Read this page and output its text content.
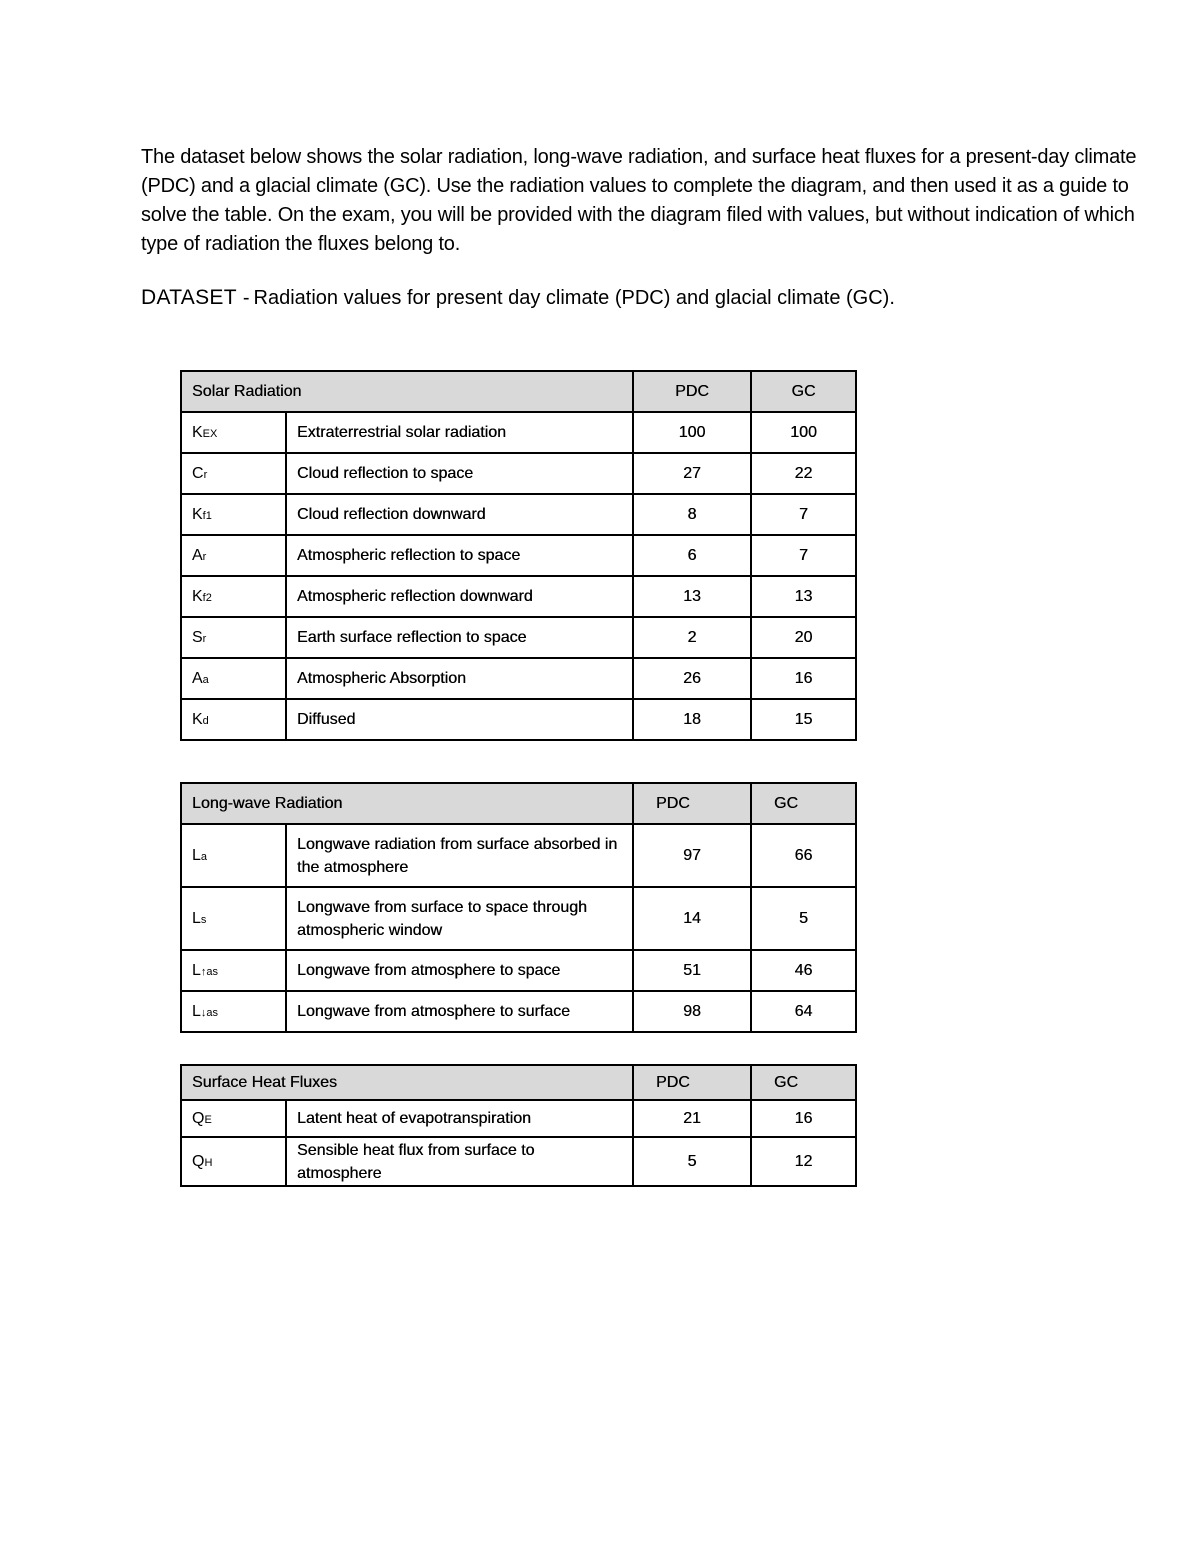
The dataset below shows the solar radiation, long-wave radiation, and surface heat fluxes for a present-day climate (PDC) and a glacial climate (GC). Use the radiation values to complete the diagram, and then used it as a guide to solve the table. On the exam, you will be provided with the diagram filed with values, but without indication of which type of radiation the fluxes belong to.
DATASET - Radiation values for present day climate (PDC) and glacial climate (GC).
Solar Radiation		PDC	GC
KEX	Extraterrestrial solar radiation	100	100
Cr	Cloud reflection to space	27	22
Kf1	Cloud reflection downward	8	7
Ar	Atmospheric reflection to space	6	7
Kf2	Atmospheric reflection downward	13	13
Sr	Earth surface reflection to space	2	20
Aa	Atmospheric Absorption	26	16
Kd	Diffused	18	15
Long-wave Radiation		PDC	GC
La	Longwave radiation from surface absorbed in the atmosphere	97	66
Ls	Longwave from surface to space through atmospheric window	14	5
L↑as	Longwave from atmosphere to space	51	46
L↓as	Longwave from atmosphere to surface	98	64
Surface Heat Fluxes		PDC	GC
QE	Latent heat of evapotranspiration	21	16
QH	Sensible heat flux from surface to atmosphere	5	12
